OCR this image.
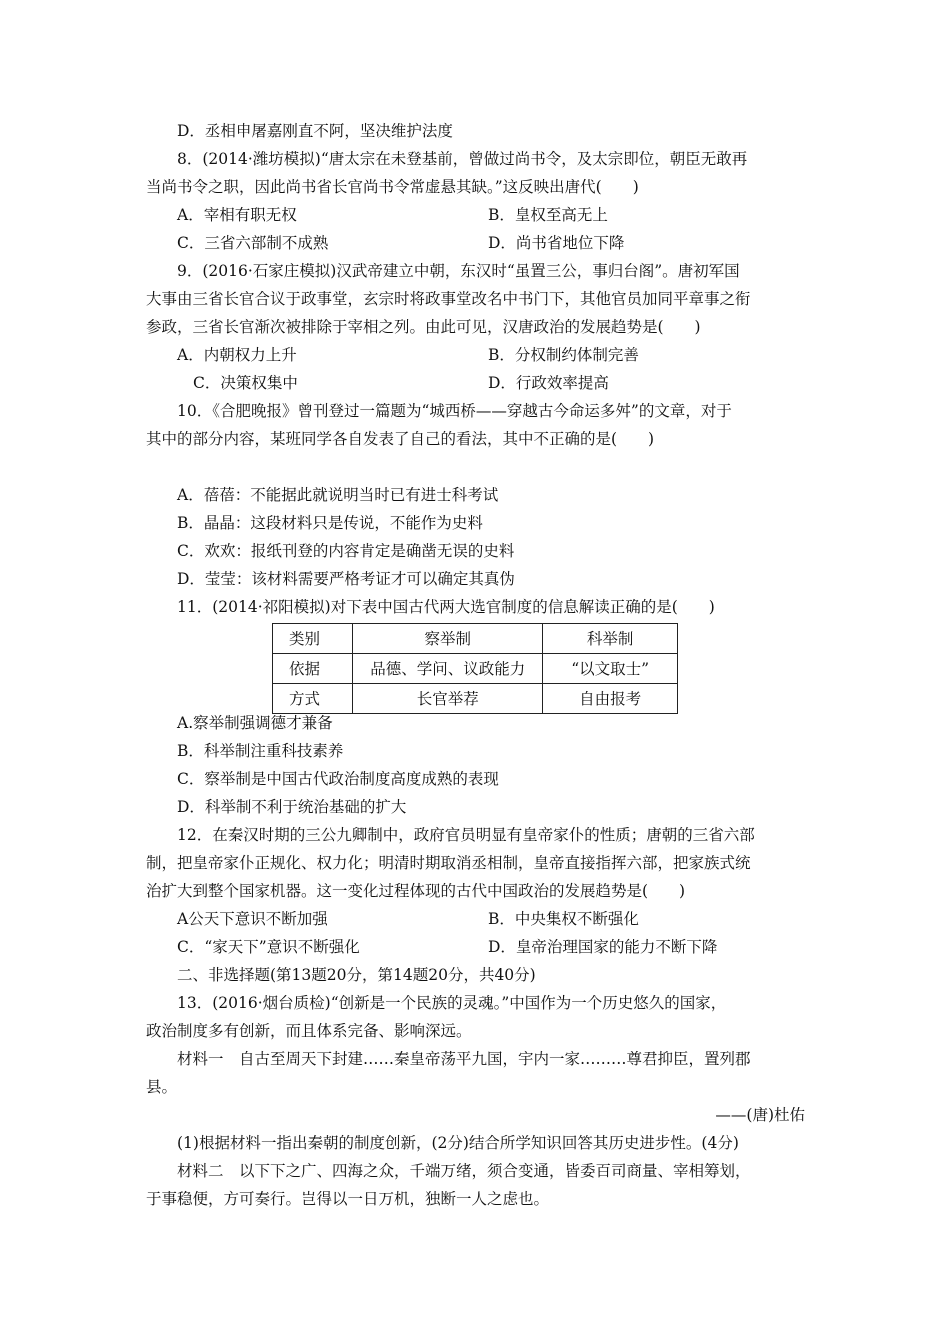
D．丞相申屠嘉刚直不阿，坚决维护法度
8．(2014·潍坊模拟)“唐太宗在未登基前，曾做过尚书令，及太宗即位，朝臣无敢再
当尚书令之职，因此尚书省长官尚书令常虚悬其缺。”这反映出唐代(　　)
A．宰相有职无权	B．皇权至高无上
C．三省六部制不成熟	D．尚书省地位下降
9．(2016·石家庄模拟)汉武帝建立中朝，东汉时“虽置三公，事归台阁”。唐初军国
大事由三省长官合议于政事堂，玄宗时将政事堂改名中书门下，其他官员加同平章事之衔
参政，三省长官渐次被排除于宰相之列。由此可见，汉唐政治的发展趋势是(　　)
A．内朝权力上升	B．分权制约体制完善
C．决策权集中	D．行政效率提高
10．《合肥晚报》曾刊登过一篇题为“城西桥——穿越古今命运多舛”的文章，对于
其中的部分内容，某班同学各自发表了自己的看法，其中不正确的是(　　)
A．蓓蓓：不能据此就说明当时已有进士科考试
B．晶晶：这段材料只是传说，不能作为史料
C．欢欢：报纸刊登的内容肯定是确凿无误的史料
D．莹莹：该材料需要严格考证才可以确定其真伪
11．(2014·祁阳模拟)对下表中国古代两大选官制度的信息解读正确的是(　　)
类别	察举制	科举制
依据	品德、学问、议政能力	“以文取士”
方式	长官举荐	自由报考
A.察举制强调德才兼备
B．科举制注重科技素养
C．察举制是中国古代政治制度高度成熟的表现
D．科举制不利于统治基础的扩大
12．在秦汉时期的三公九卿制中，政府官员明显有皇帝家仆的性质；唐朝的三省六部
制，把皇帝家仆正规化、权力化；明清时期取消丞相制，皇帝直接指挥六部，把家族式统
治扩大到整个国家机器。这一变化过程体现的古代中国政治的发展趋势是(　　)
A公天下意识不断加强	B．中央集权不断强化
C．“家天下”意识不断强化	D．皇帝治理国家的能力不断下降
二、非选择题(第13题20分，第14题20分，共40分)
13．(2016·烟台质检)“创新是一个民族的灵魂。”中国作为一个历史悠久的国家，
政治制度多有创新，而且体系完备、影响深远。
材料一　自古至周天下封建……秦皇帝荡平九国，宇内一家………尊君抑臣，置列郡
县。
——(唐)杜佑
(1)根据材料一指出秦朝的制度创新，(2分)结合所学知识回答其历史进步性。(4分)
材料二　以下下之广、四海之众，千端万绪，须合变通，皆委百司商量、宰相筹划，
于事稳便，方可奏行。岂得以一日万机，独断一人之虑也。
